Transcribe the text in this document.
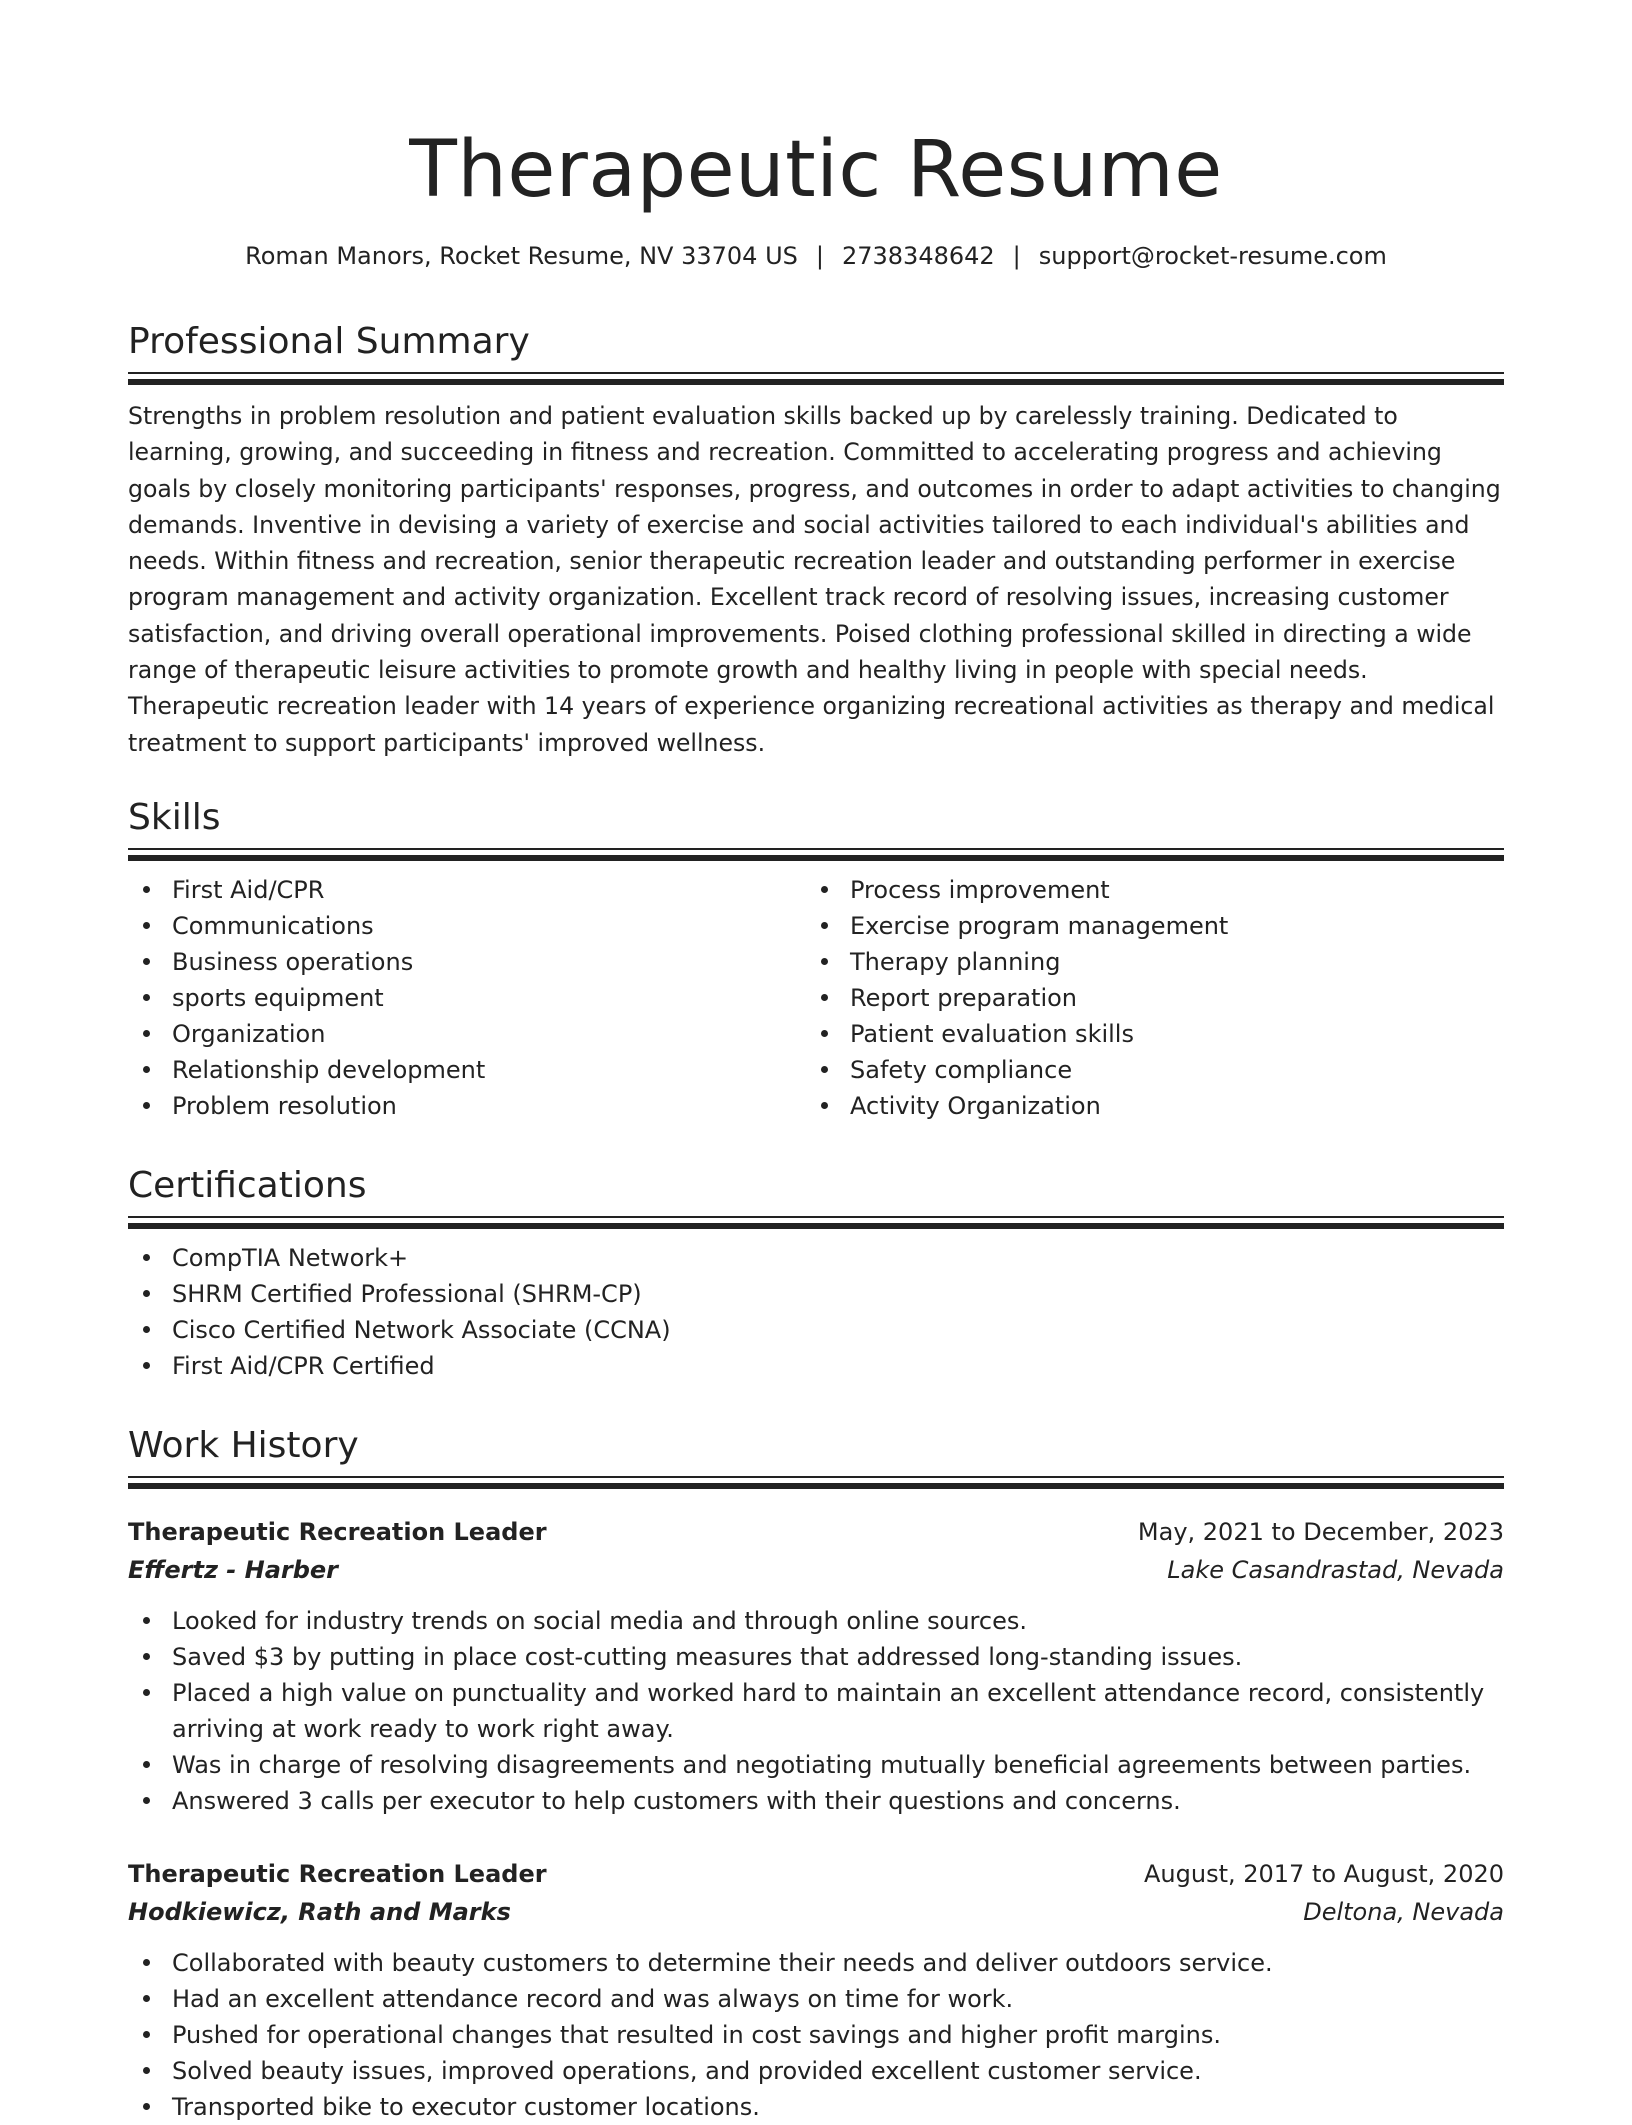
Therapeutic Resume
Roman Manors, Rocket Resume, NV 33704 US | 2738348642 | support@rocket-resume.com
Professional Summary
Strengths in problem resolution and patient evaluation skills backed up by carelessly training. Dedicated to learning, growing, and succeeding in fitness and recreation. Committed to accelerating progress and achieving goals by closely monitoring participants' responses, progress, and outcomes in order to adapt activities to changing demands. Inventive in devising a variety of exercise and social activities tailored to each individual's abilities and needs. Within fitness and recreation, senior therapeutic recreation leader and outstanding performer in exercise program management and activity organization. Excellent track record of resolving issues, increasing customer satisfaction, and driving overall operational improvements. Poised clothing professional skilled in directing a wide range of therapeutic leisure activities to promote growth and healthy living in people with special needs. Therapeutic recreation leader with 14 years of experience organizing recreational activities as therapy and medical treatment to support participants' improved wellness.
Skills
First Aid/CPR
Communications
Business operations
sports equipment
Organization
Relationship development
Problem resolution
Process improvement
Exercise program management
Therapy planning
Report preparation
Patient evaluation skills
Safety compliance
Activity Organization
Certifications
CompTIA Network+
SHRM Certified Professional (SHRM-CP)
Cisco Certified Network Associate (CCNA)
First Aid/CPR Certified
Work History
Therapeutic Recreation Leader	May, 2021 to December, 2023
Effertz - Harber	Lake Casandrastad, Nevada
Looked for industry trends on social media and through online sources.
Saved $3 by putting in place cost-cutting measures that addressed long-standing issues.
Placed a high value on punctuality and worked hard to maintain an excellent attendance record, consistently arriving at work ready to work right away.
Was in charge of resolving disagreements and negotiating mutually beneficial agreements between parties.
Answered 3 calls per executor to help customers with their questions and concerns.
Therapeutic Recreation Leader	August, 2017 to August, 2020
Hodkiewicz, Rath and Marks	Deltona, Nevada
Collaborated with beauty customers to determine their needs and deliver outdoors service.
Had an excellent attendance record and was always on time for work.
Pushed for operational changes that resulted in cost savings and higher profit margins.
Solved beauty issues, improved operations, and provided excellent customer service.
Transported bike to executor customer locations.
